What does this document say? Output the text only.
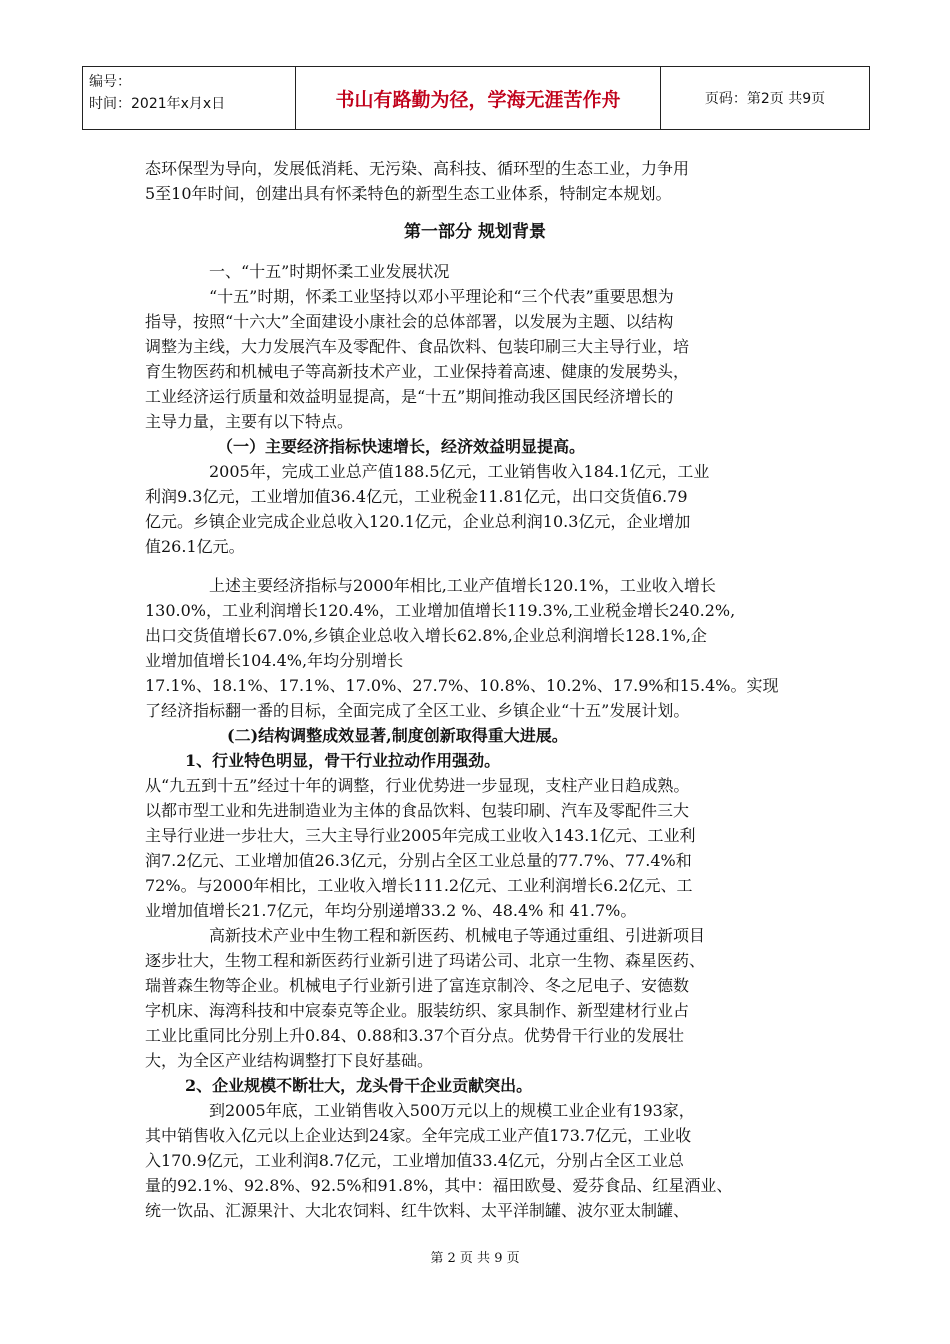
编号：
时间：2021年x月x日	书山有路勤为径，学海无涯苦作舟	页码：第2页 共9页
态环保型为导向，发展低消耗、无污染、高科技、循环型的生态工业，力争用
5至10年时间，创建出具有怀柔特色的新型生态工业体系，特制定本规划。
第一部分 规划背景
一、“十五”时期怀柔工业发展状况
“十五”时期，怀柔工业坚持以邓小平理论和“三个代表”重要思想为
指导，按照“十六大”全面建设小康社会的总体部署，以发展为主题、以结构
调整为主线，大力发展汽车及零配件、食品饮料、包装印刷三大主导行业，培
育生物医药和机械电子等高新技术产业，工业保持着高速、健康的发展势头，
工业经济运行质量和效益明显提高，是“十五”期间推动我区国民经济增长的
主导力量，主要有以下特点。
（一）主要经济指标快速增长，经济效益明显提高。
2005年，完成工业总产值188.5亿元，工业销售收入184.1亿元，工业
利润9.3亿元，工业增加值36.4亿元，工业税金11.81亿元，出口交货值6.79
亿元。乡镇企业完成企业总收入120.1亿元，企业总利润10.3亿元，企业增加
值26.1亿元。
上述主要经济指标与2000年相比,工业产值增长120.1%，工业收入增长
130.0%，工业利润增长120.4%，工业增加值增长119.3%,工业税金增长240.2%,
出口交货值增长67.0%,乡镇企业总收入增长62.8%,企业总利润增长128.1%,企
业增加值增长104.4%,年均分别增长
17.1%、18.1%、17.1%、17.0%、27.7%、10.8%、10.2%、17.9%和15.4%。实现
了经济指标翻一番的目标，全面完成了全区工业、乡镇企业“十五”发展计划。
(二)结构调整成效显著,制度创新取得重大进展。
1、行业特色明显，骨干行业拉动作用强劲。
从“九五到十五”经过十年的调整，行业优势进一步显现，支柱产业日趋成熟。
以都市型工业和先进制造业为主体的食品饮料、包装印刷、汽车及零配件三大
主导行业进一步壮大，三大主导行业2005年完成工业收入143.1亿元、工业利
润7.2亿元、工业增加值26.3亿元，分别占全区工业总量的77.7%、77.4%和
72%。与2000年相比，工业收入增长111.2亿元、工业利润增长6.2亿元、工
业增加值增长21.7亿元，年均分别递增33.2 %、48.4% 和 41.7%。
高新技术产业中生物工程和新医药、机械电子等通过重组、引进新项目
逐步壮大，生物工程和新医药行业新引进了玛诺公司、北京一生物、森星医药、
瑞普森生物等企业。机械电子行业新引进了富连京制冷、冬之尼电子、安德数
字机床、海湾科技和中宸泰克等企业。服装纺织、家具制作、新型建材行业占
工业比重同比分别上升0.84、0.88和3.37个百分点。优势骨干行业的发展壮
大，为全区产业结构调整打下良好基础。
2、企业规模不断壮大，龙头骨干企业贡献突出。
到2005年底，工业销售收入500万元以上的规模工业企业有193家，
其中销售收入亿元以上企业达到24家。全年完成工业产值173.7亿元，工业收
入170.9亿元，工业利润8.7亿元，工业增加值33.4亿元，分别占全区工业总
量的92.1%、92.8%、92.5%和91.8%，其中：福田欧曼、爱芬食品、红星酒业、
统一饮品、汇源果汁、大北农饲料、红牛饮料、太平洋制罐、波尔亚太制罐、
第 2 页 共 9 页
